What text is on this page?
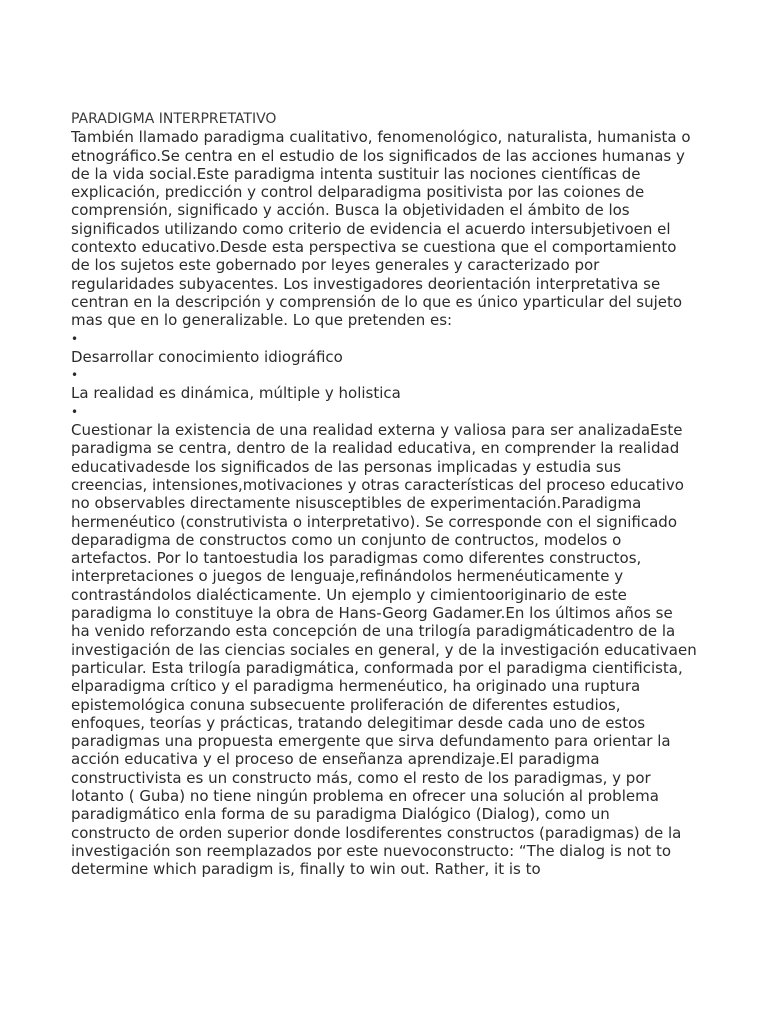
PARADIGMA INTERPRETATIVO
También llamado paradigma cualitativo, fenomenológico, naturalista, humanista o
etnográfico.Se centra en el estudio de los significados de las acciones humanas y
de la vida social.Este paradigma intenta sustituir las nociones científicas de
explicación, predicción y control delparadigma positivista por las coiones de
comprensión, significado y acción. Busca la objetividaden el ámbito de los
significados utilizando como criterio de evidencia el acuerdo intersubjetivoen el
contexto educativo.Desde esta perspectiva se cuestiona que el comportamiento
de los sujetos este gobernado por leyes generales y caracterizado por
regularidades subyacentes. Los investigadores deorientación interpretativa se
centran en la descripción y comprensión de lo que es único yparticular del sujeto
mas que en lo generalizable. Lo que pretenden es:
•
Desarrollar conocimiento idiográfico
•
La realidad es dinámica, múltiple y holistica
•
Cuestionar la existencia de una realidad externa y valiosa para ser analizadaEste
paradigma se centra, dentro de la realidad educativa, en comprender la realidad
educativadesde los significados de las personas implicadas y estudia sus
creencias, intensiones,motivaciones y otras características del proceso educativo
no observables directamente nisusceptibles de experimentación.Paradigma
hermenéutico (construtivista o interpretativo). Se corresponde con el significado
deparadigma de constructos como un conjunto de contructos, modelos o
artefactos. Por lo tantoestudia los paradigmas como diferentes constructos,
interpretaciones o juegos de lenguaje,refinándolos hermenéuticamente y
contrastándolos dialécticamente. Un ejemplo y cimientooriginario de este
paradigma lo constituye la obra de Hans-Georg Gadamer.En los últimos años se
ha venido reforzando esta concepción de una trilogía paradigmáticadentro de la
investigación de las ciencias sociales en general, y de la investigación educativaen
particular. Esta trilogía paradigmática, conformada por el paradigma cientificista,
elparadigma crítico y el paradigma hermenéutico, ha originado una ruptura
epistemológica conuna subsecuente proliferación de diferentes estudios,
enfoques, teorías y prácticas, tratando delegitimar desde cada uno de estos
paradigmas una propuesta emergente que sirva defundamento para orientar la
acción educativa y el proceso de enseñanza aprendizaje.El paradigma
constructivista es un constructo más, como el resto de los paradigmas, y por
lotanto ( Guba) no tiene ningún problema en ofrecer una solución al problema
paradigmático enla forma de su paradigma Dialógico (Dialog), como un
constructo de orden superior donde losdiferentes constructos (paradigmas) de la
investigación son reemplazados por este nuevoconstructo: “The dialog is not to
determine which paradigm is, finally to win out. Rather, it is to
